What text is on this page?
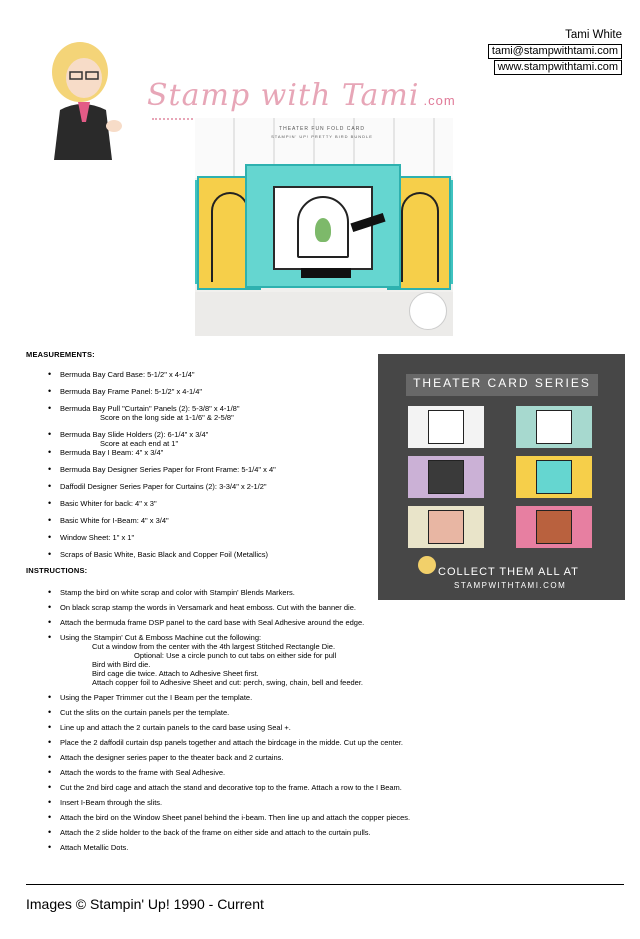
Stamp with Tami .com
Tami White
tami@stampwithtami.com
www.stampwithtami.com
THEATER FUN FOLD CARD
STAMPIN' UP! PRETTY BIRD BUNDLE
MEASUREMENTS:
• Bermuda Bay Card Base: 5-1/2" x 4-1/4"
• Bermuda Bay Frame Panel: 5-1/2" x 4-1/4"
• Bermuda Bay Pull "Curtain" Panels (2): 5-3/8" x 4-1/8"
Score on the long side at 1-1/6" & 2-5/8"
• Bermuda Bay Slide Holders (2): 6-1/4" x 3/4"
Score at each end at 1"
• Bermuda Bay I Beam: 4" x 3/4"
• Bermuda Bay Designer Series Paper for Front Frame: 5-1/4" x 4"
• Daffodil Designer Series Paper for Curtains (2): 3-3/4" x 2-1/2"
• Basic Whiter for back: 4" x 3"
• Basic White for I-Beam: 4" x 3/4"
• Window Sheet: 1" x 1"
• Scraps of Basic White, Basic Black and Copper Foil (Metallics)
THEATER CARD SERIES
COLLECT THEM ALL AT
STAMPWITHTAMI.COM
INSTRUCTIONS:
• Stamp the bird on white scrap and color with Stampin' Blends Markers.
• On black scrap stamp the words in Versamark and heat emboss. Cut with the banner die.
• Attach the bermuda frame DSP panel to the card base with Seal Adhesive around the edge.
• Using the Stampin' Cut & Emboss Machine cut the following:
Cut a window from the center with the 4th largest Stitched Rectangle Die.
Optional: Use a circle punch to cut tabs on either side for pull
Bird with Bird die.
Bird cage die twice. Attach to Adhesive Sheet first.
Attach copper foil to Adhesive Sheet and cut: perch, swing, chain, bell and feeder.
• Using the Paper Trimmer cut the I Beam per the template.
• Cut the slits on the curtain panels per the template.
• Line up and attach the 2 curtain panels to the card base using Seal +.
• Place the 2 daffodil curtain dsp panels together and attach the birdcage in the midde. Cut up the center.
• Attach the designer series paper to the theater back and 2 curtains.
• Attach the words to the frame with Seal Adhesive.
• Cut the 2nd bird cage and attach the stand and decorative top to the frame. Attach a row to the I Beam.
• Insert I-Beam through the slits.
• Attach the bird on the Window Sheet panel behind the i-beam. Then line up and attach the copper pieces.
• Attach the 2 slide holder to the back of the frame on either side and attach to the curtain pulls.
• Attach Metallic Dots.
Images © Stampin' Up! 1990 - Current
